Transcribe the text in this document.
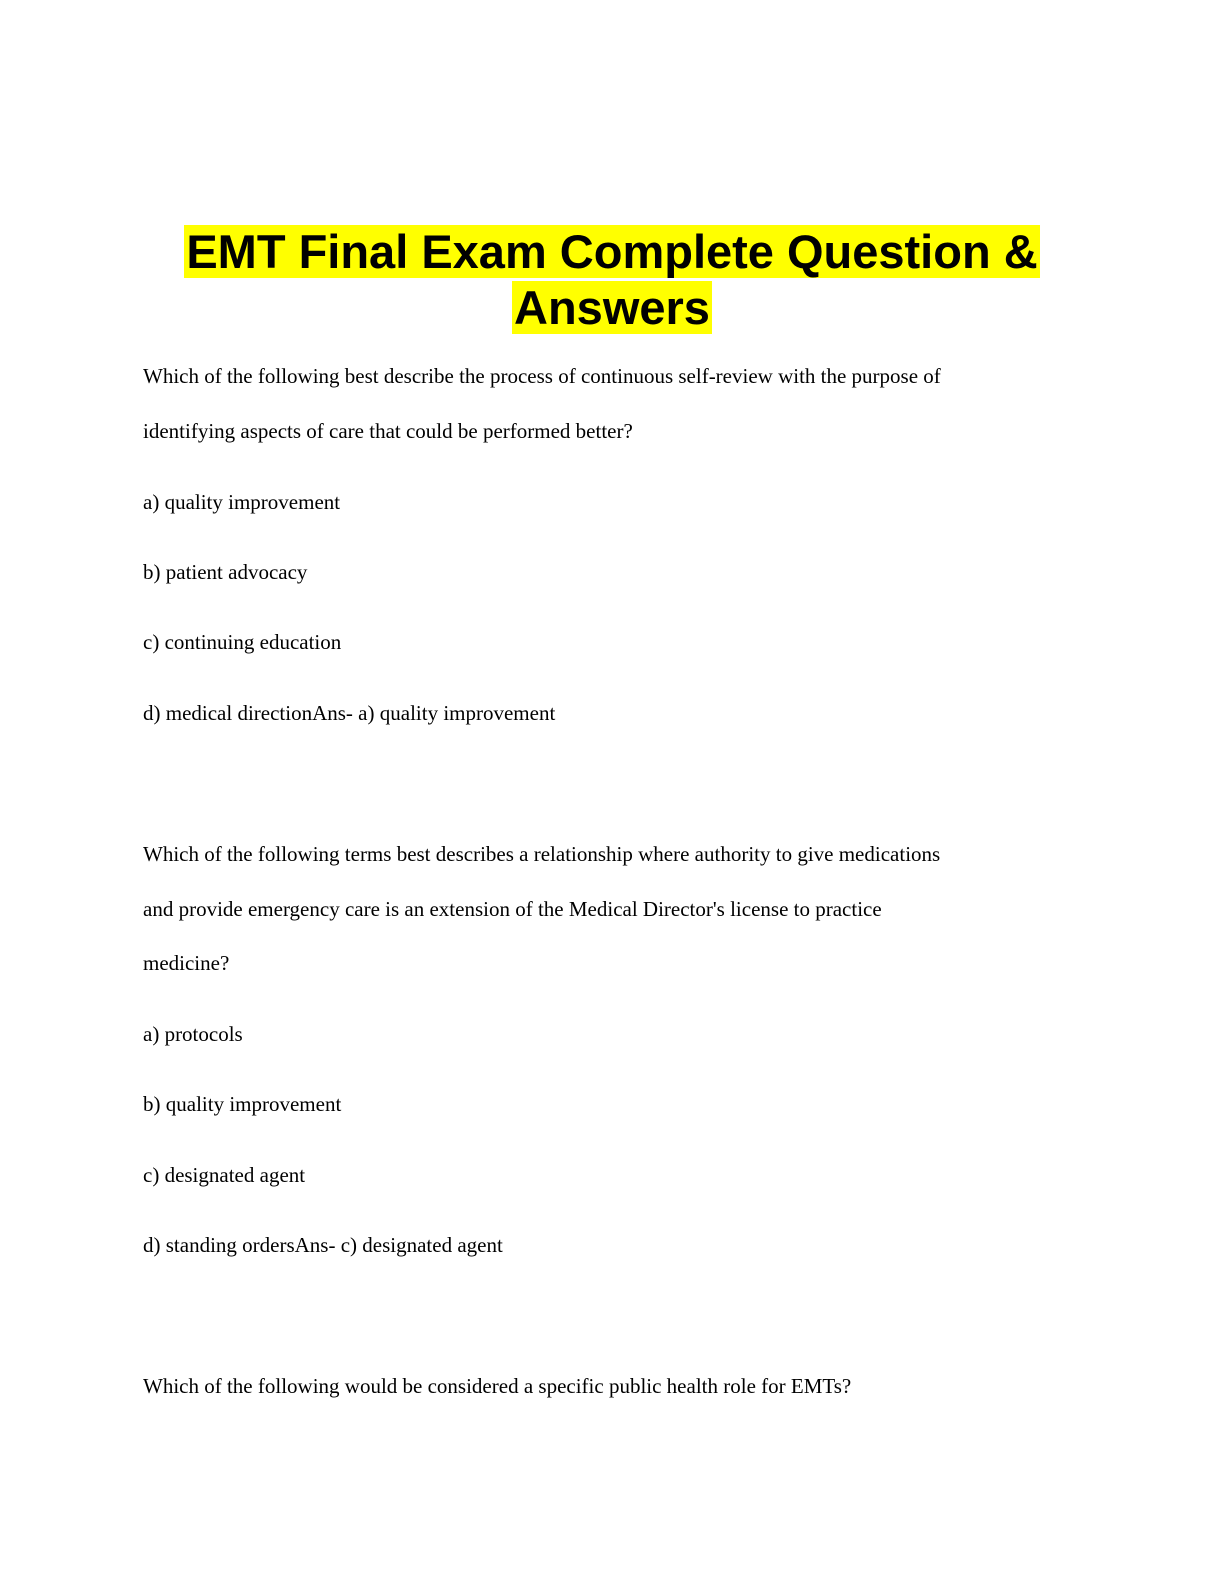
EMT Final Exam Complete Question &
Answers
Which of the following best describe the process of continuous self-review with the purpose of
identifying aspects of care that could be performed better?
a) quality improvement
b) patient advocacy
c) continuing education
d) medical directionAns- a) quality improvement
Which of the following terms best describes a relationship where authority to give medications
and provide emergency care is an extension of the Medical Director's license to practice
medicine?
a) protocols
b) quality improvement
c) designated agent
d) standing ordersAns- c) designated agent
Which of the following would be considered a specific public health role for EMTs?
